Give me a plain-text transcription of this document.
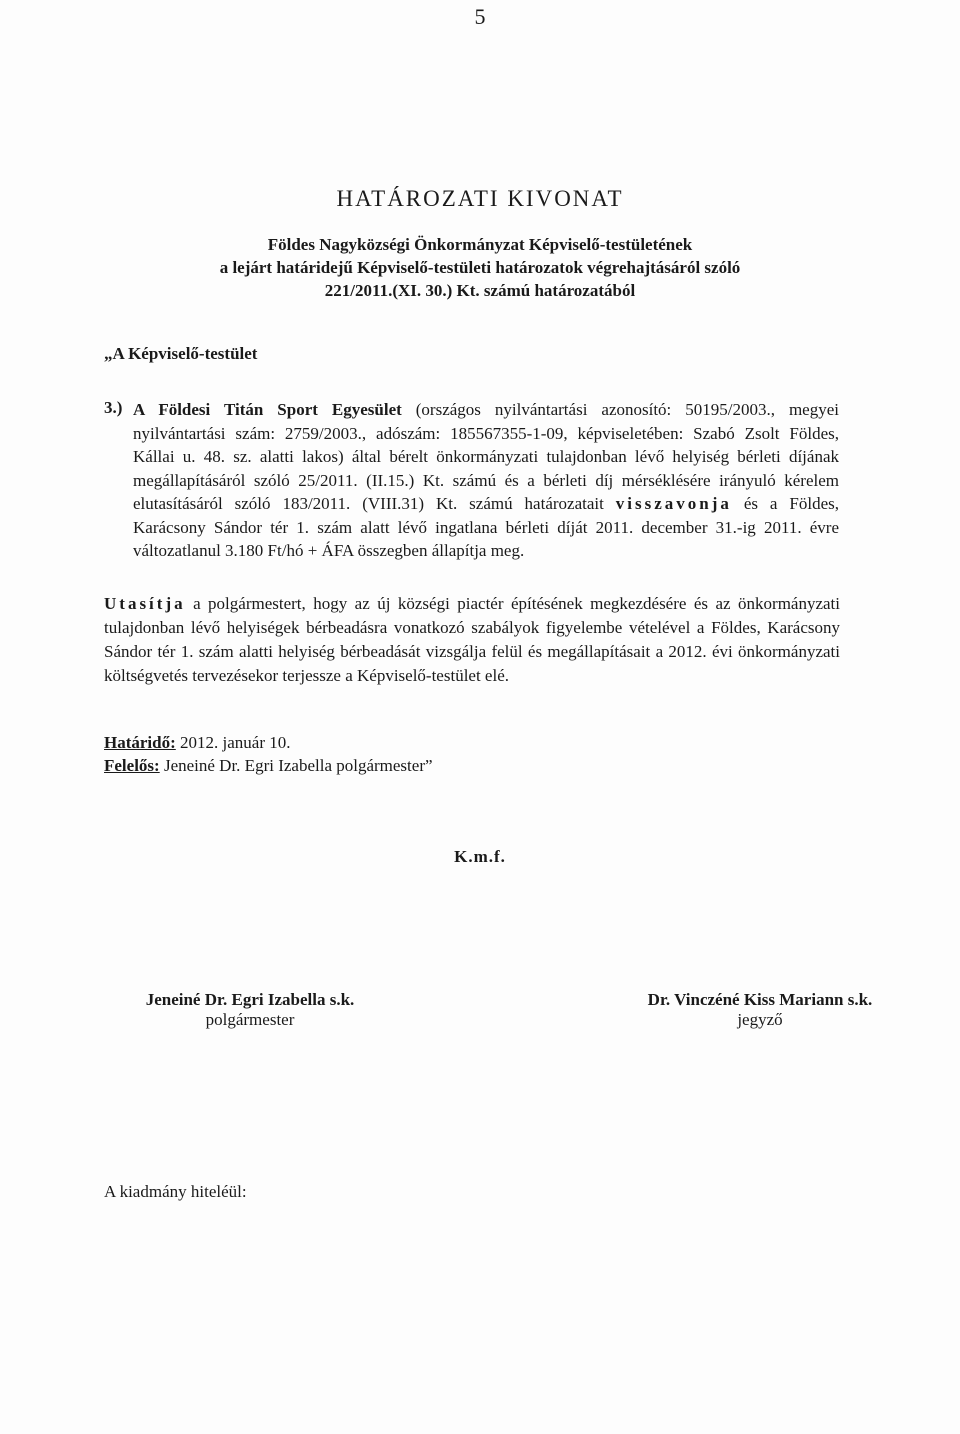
5
HATÁROZATI KIVONAT
Földes Nagyközségi Önkormányzat Képviselő-testületének
a lejárt határidejű Képviselő-testületi határozatok végrehajtásáról szóló
221/2011.(XI. 30.) Kt. számú határozatából
„A Képviselő-testület
3.) A Földesi Titán Sport Egyesület (országos nyilvántartási azonosító: 50195/2003., megyei nyilvántartási szám: 2759/2003., adószám: 185567355-1-09, képviseletében: Szabó Zsolt Földes, Kállai u. 48. sz. alatti lakos) által bérelt önkormányzati tulajdonban lévő helyiség bérleti díjának megállapításáról szóló 25/2011. (II.15.) Kt. számú és a bérleti díj mérséklésére irányuló kérelem elutasításáról szóló 183/2011. (VIII.31) Kt. számú határozatait visszavonja és a Földes, Karácsony Sándor tér 1. szám alatt lévő ingatlana bérleti díját 2011. december 31.-ig 2011. évre változatlanul 3.180 Ft/hó + ÁFA összegben állapítja meg.
Utasítja a polgármestert, hogy az új községi piactér építésének megkezdésére és az önkormányzati tulajdonban lévő helyiségek bérbeadásra vonatkozó szabályok figyelembe vételével a Földes, Karácsony Sándor tér 1. szám alatti helyiség bérbeadását vizsgálja felül és megállapításait a 2012. évi önkormányzati költségvetés tervezésekor terjessze a Képviselő-testület elé.
Határidő: 2012. január 10.
Felelős: Jeneiné Dr. Egri Izabella polgármester”
K.m.f.
Jeneiné Dr. Egri Izabella s.k.
polgármester
Dr. Vinczéné Kiss Mariann s.k.
jegyző
A kiadmány hiteléül:
